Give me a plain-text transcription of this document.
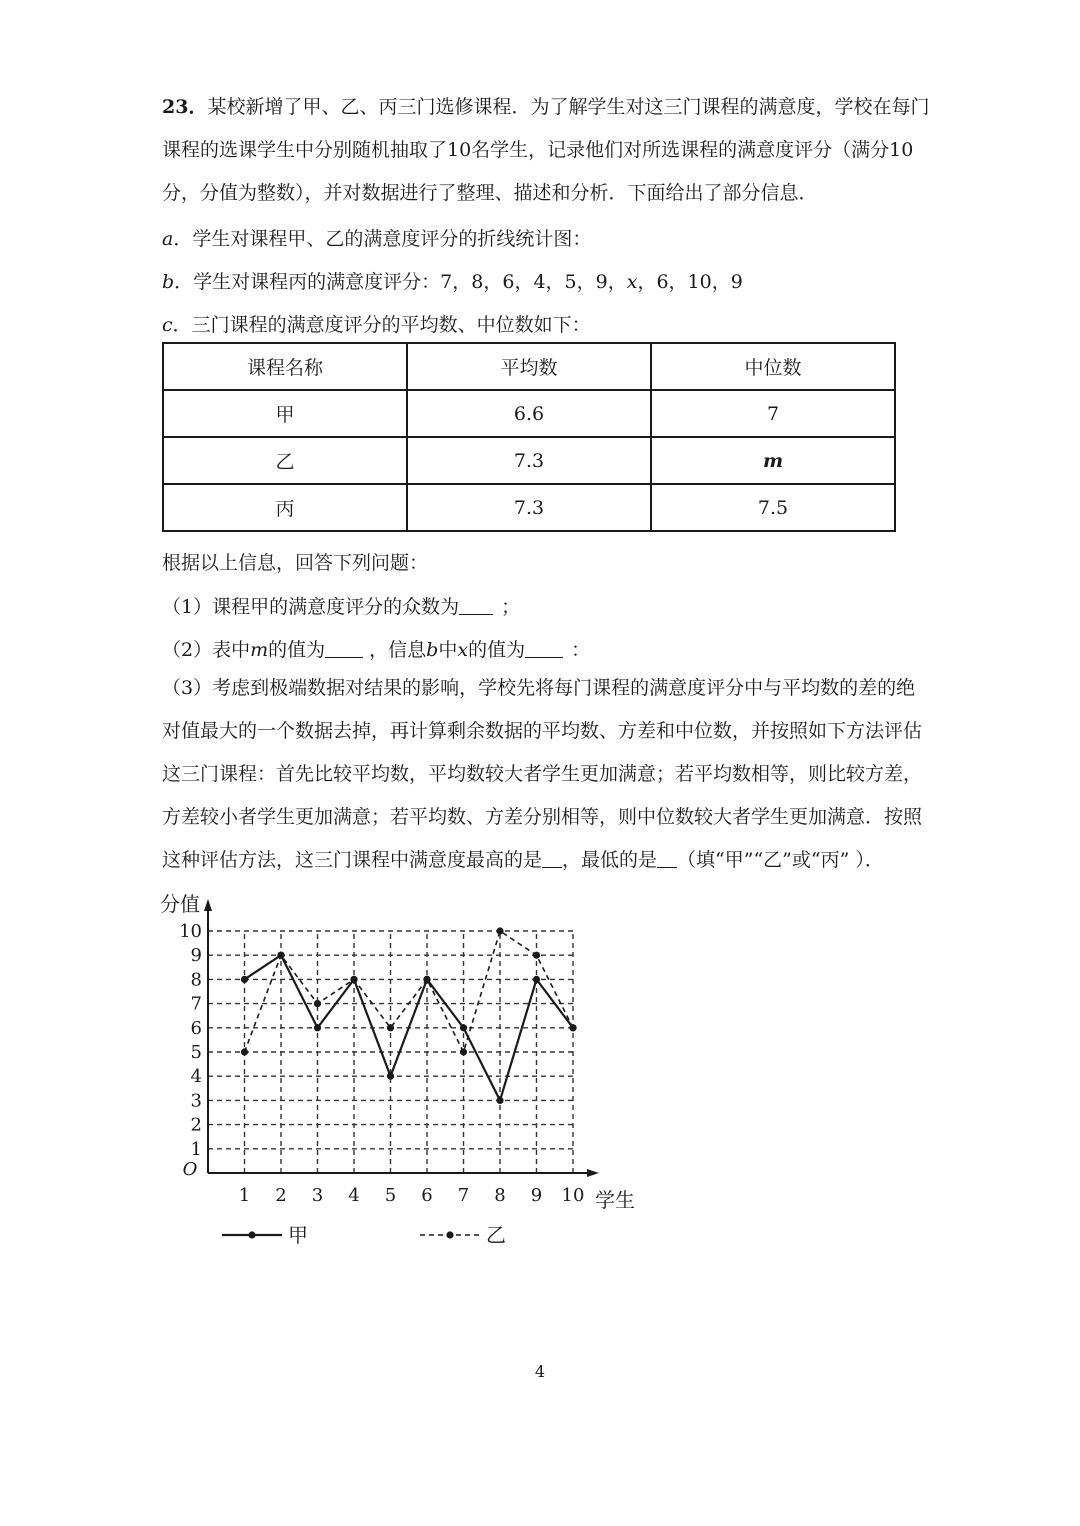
23．某校新增了甲、乙、丙三门选修课程．为了解学生对这三门课程的满意度，学校在每门课程的选课学生中分别随机抽取了10名学生，记录他们对所选课程的满意度评分（满分10分，分值为整数），并对数据进行了整理、描述和分析．下面给出了部分信息．

a．学生对课程甲、乙的满意度评分的折线统计图：
b．学生对课程丙的满意度评分：7，8，6，4，5，9，x，6，10，9
c．三门课程的满意度评分的平均数、中位数如下：
课程名称	平均数	中位数
甲	6.6	7
乙	7.3	m
丙	7.3	7.5
根据以上信息，回答下列问题：
（1）课程甲的满意度评分的众数为 ；
（2）表中m的值为 ，信息b中x的值为 ：

（3）考虑到极端数据对结果的影响，学校先将每门课程的满意度评分中与平均数的差的绝对值最大的一个数据去掉，再计算剩余数据的平均数、方差和中位数，并按照如下方法评估这三门课程：首先比较平均数，平均数较大者学生更加满意；若平均数相等，则比较方差，方差较小者学生更加满意；若平均数、方差分别相等，则中位数较大者学生更加满意．按照这种评估方法，这三门课程中满意度最高的是 ，最低的是 （填“甲”“乙”或“丙” ）．

1
2
3
4
5
6
7
8
9
10
1 2 3 4 5 6 7 8 9 10
O
分值
学生
甲	乙
4
